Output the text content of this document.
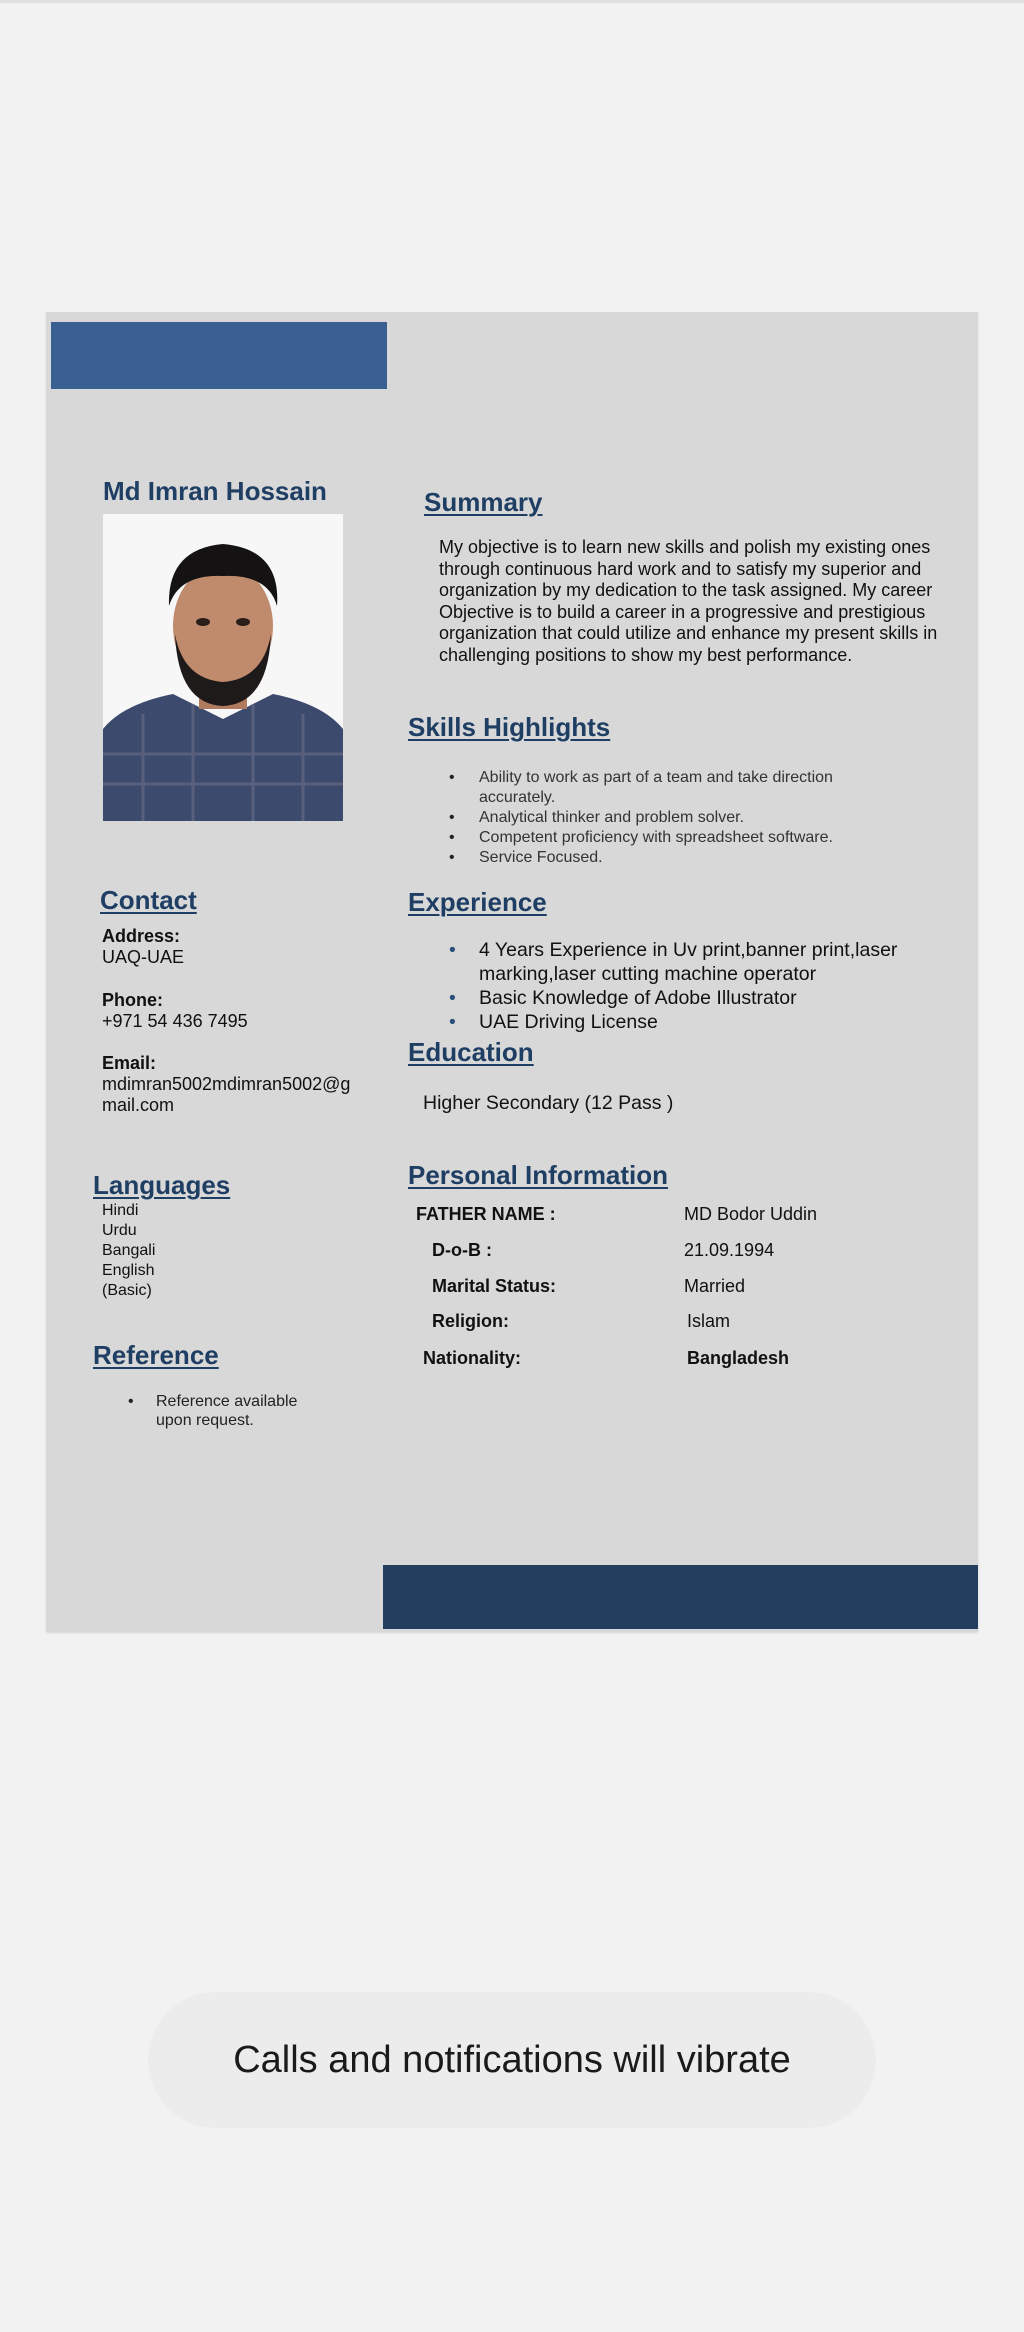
Md Imran Hossain
Contact
Address:
UAQ-UAE
Phone:
+971 54 436 7495
Email:
mdimran5002mdimran5002@gmail.com
Languages
Hindi
Urdu
Bangali
English
(Basic)
Reference
• Reference available upon request.
Summary

My objective is to learn new skills and polish my existing ones through continuous hard work and to satisfy my superior and organization by my dedication to the task assigned. My career Objective is to build a career in a progressive and prestigious organization that could utilize and enhance my present skills in challenging positions to show my best performance.

Skills Highlights
• Ability to work as part of a team and take direction accurately.
• Analytical thinker and problem solver.
• Competent proficiency with spreadsheet software.
• Service Focused.
Experience
• 4 Years Experience in Uv print,banner print,laser marking,laser cutting machine operator
• Basic Knowledge of Adobe Illustrator
• UAE Driving License
Education
Higher Secondary (12 Pass )
Personal Information
FATHER NAME :	MD Bodor Uddin
D-o-B :	21.09.1994
Marital Status:	Married
Religion:	Islam
Nationality:	Bangladesh
Calls and notifications will vibrate
